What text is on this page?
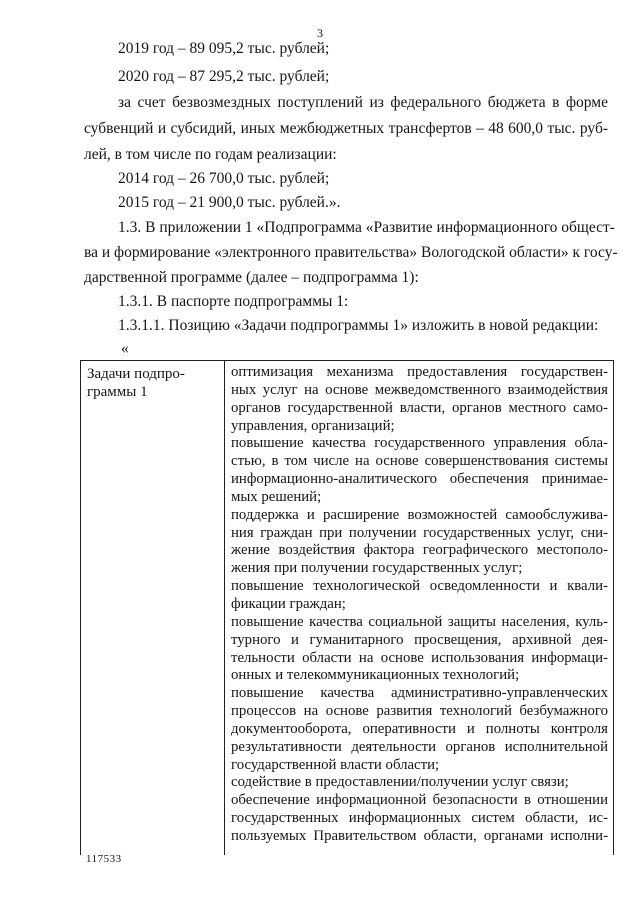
3
2019 год – 89 095,2 тыс. рублей;
2020 год – 87 295,2 тыс. рублей;
за счет безвозмездных поступлений из федерального бюджета в форме
субвенций и субсидий, иных межбюджетных трансфертов – 48 600,0 тыс. руб-
лей, в том числе по годам реализации:
2014 год – 26 700,0 тыс. рублей;
2015 год – 21 900,0 тыс. рублей.».
1.3. В приложении 1 «Подпрограмма «Развитие информационного общест-
ва и формирование «электронного правительства» Вологодской области» к госу-
дарственной программе (далее – подпрограмма 1):
1.3.1. В паспорте подпрограммы 1:
1.3.1.1. Позицию «Задачи подпрограммы 1» изложить в новой редакции:
«
Задачи подпро-
граммы 1
оптимизация механизма предоставления государствен-
ных услуг на основе межведомственного взаимодействия
органов государственной власти, органов местного само-
управления, организаций;
повышение качества государственного управления обла-
стью, в том числе на основе совершенствования системы
информационно-аналитического обеспечения принимае-
мых решений;
поддержка и расширение возможностей самообслужива-
ния граждан при получении государственных услуг, сни-
жение воздействия фактора географического местополо-
жения при получении государственных услуг;
повышение технологической осведомленности и квали-
фикации граждан;
повышение качества социальной защиты населения, куль-
турного и гуманитарного просвещения, архивной дея-
тельности области на основе использования информаци-
онных и телекоммуникационных технологий;
повышение качества административно-управленческих
процессов на основе развития технологий безбумажного
документооборота, оперативности и полноты контроля
результативности деятельности органов исполнительной
государственной власти области;
содействие в предоставлении/получении услуг связи;
обеспечение информационной безопасности в отношении
государственных информационных систем области, ис-
пользуемых Правительством области, органами исполни-
117533
